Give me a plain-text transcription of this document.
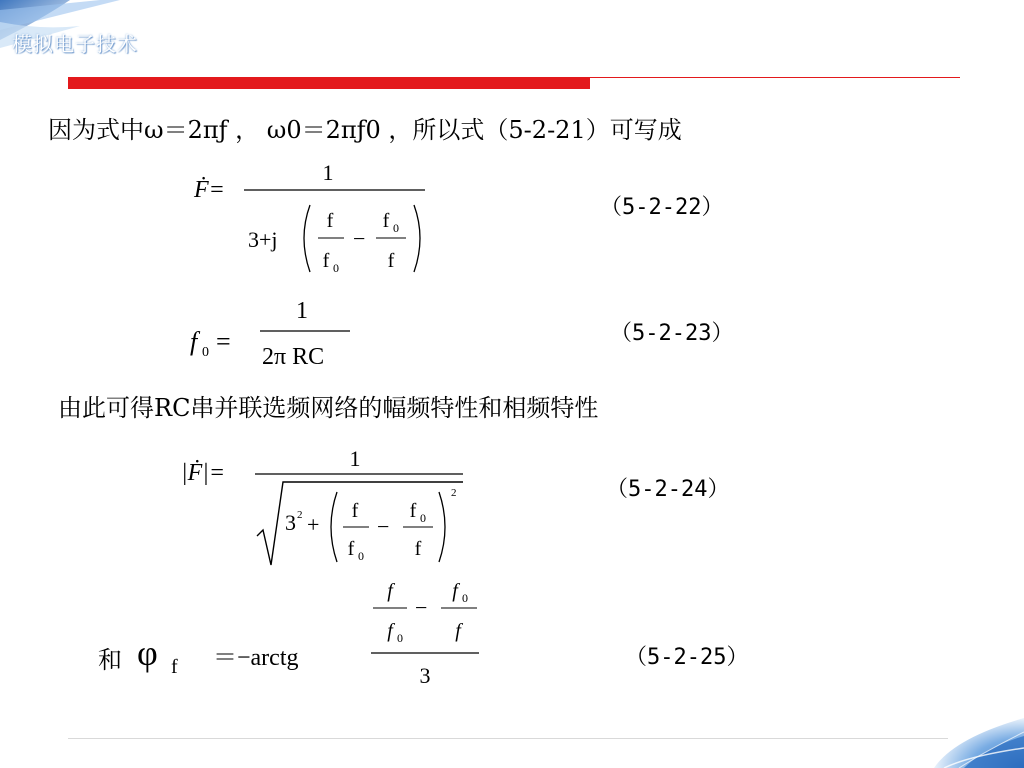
模拟电子技术
因为式中ω＝2πƒ ， ω0＝2πƒ0 ，所以式（5-2-21）可写成
Ḟ=
1
3+j
f
f 0
−
f 0
f
（5-2-22）
f 0 =
1
2π RC
（5-2-23）
由此可得RC串并联选频网络的幅频特性和相频特性
|Ḟ|=
1
3 2 +
f
f 0
−
f 0
f
2	（5-2-24）
和 φ f ＝−arctg
f
f 0
−
f 0
f
3
（5-2-25）
